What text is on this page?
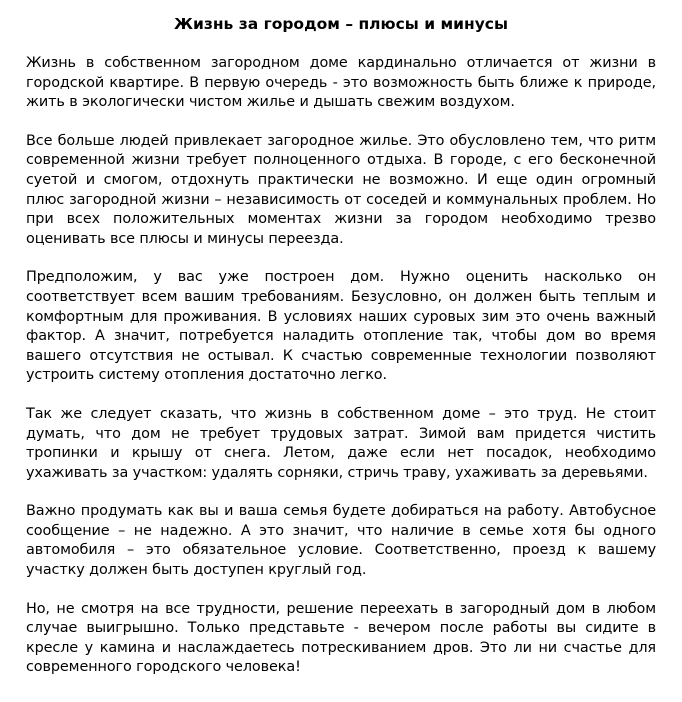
Жизнь за городом – плюсы и минусы

Жизнь в собственном загородном доме кардинально отличается от жизни в городской квартире. В первую очередь - это возможность быть ближе к природе, жить в экологически чистом жилье и дышать свежим воздухом.

Все больше людей привлекает загородное жилье. Это обусловлено тем, что ритм современной жизни требует полноценного отдыха. В городе, с его бесконечной суетой и смогом, отдохнуть практически не возможно. И еще один огромный плюс загородной жизни – независимость от соседей и коммунальных проблем. Но при всех положительных моментах жизни за городом необходимо трезво оценивать все плюсы и минусы переезда.

Предположим, у вас уже построен дом. Нужно оценить насколько он соответствует всем вашим требованиям. Безусловно, он должен быть теплым и комфортным для проживания. В условиях наших суровых зим это очень важный фактор. А значит, потребуется наладить отопление так, чтобы дом во время вашего отсутствия не остывал. К счастью современные технологии позволяют устроить систему отопления достаточно легко.

Так же следует сказать, что жизнь в собственном доме – это труд. Не стоит думать, что дом не требует трудовых затрат. Зимой вам придется чистить тропинки и крышу от снега. Летом, даже если нет посадок, необходимо ухаживать за участком: удалять сорняки, стричь траву, ухаживать за деревьями.

Важно продумать как вы и ваша семья будете добираться на работу. Автобусное сообщение – не надежно. А это значит, что наличие в семье хотя бы одного автомобиля – это обязательное условие. Соответственно, проезд к вашему участку должен быть доступен круглый год.

Но, не смотря на все трудности, решение переехать в загородный дом в любом случае выигрышно. Только представьте - вечером после работы вы сидите в кресле у камина и наслаждаетесь потрескиванием дров. Это ли ни счастье для современного городского человека!
